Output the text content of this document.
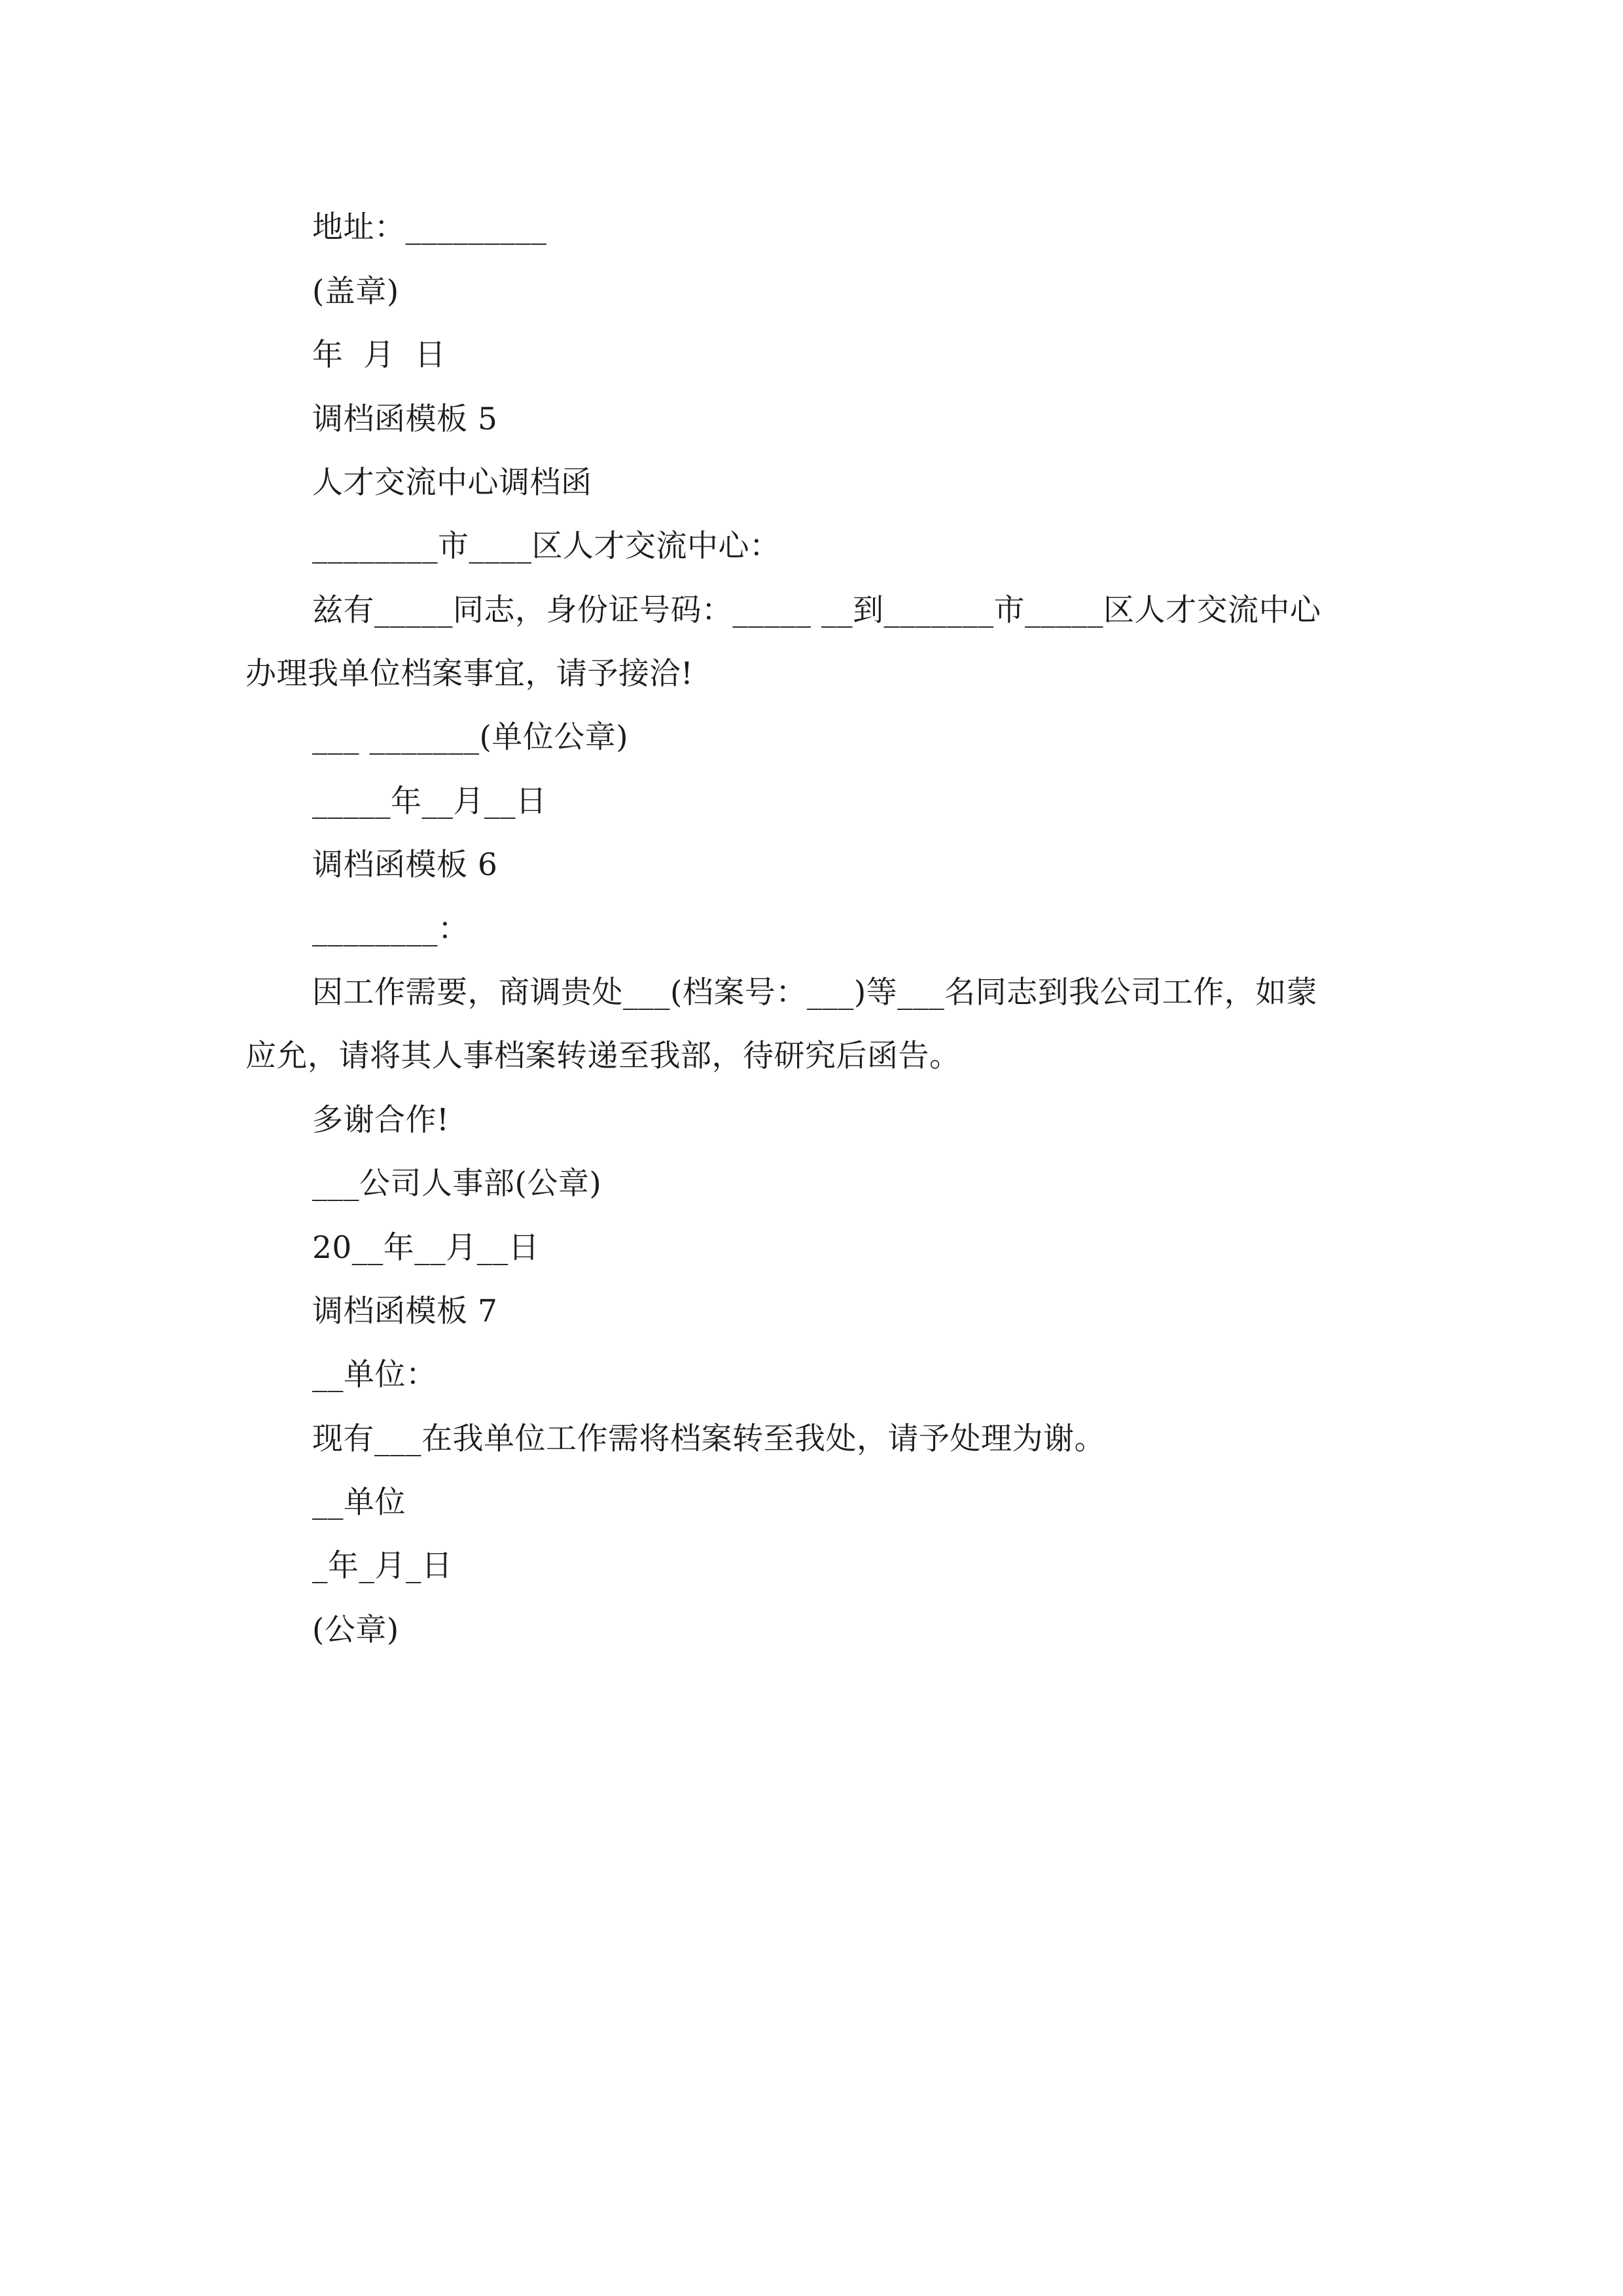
地址：_________
(盖章)
年  月  日
调档函模板 5
人才交流中心调档函
________市____区人才交流中心：
兹有_____同志，身份证号码：_____ __到_______市_____区人才交流中心
办理我单位档案事宜，请予接洽!
___ _______(单位公章)
_____年__月__日
调档函模板 6
________：
因工作需要，商调贵处___(档案号：___)等___名同志到我公司工作，如蒙
应允，请将其人事档案转递至我部，待研究后函告。
多谢合作!
___公司人事部(公章)
20__年__月__日
调档函模板 7
__单位：
现有___在我单位工作需将档案转至我处，请予处理为谢。
__单位
_年_月_日
(公章)
